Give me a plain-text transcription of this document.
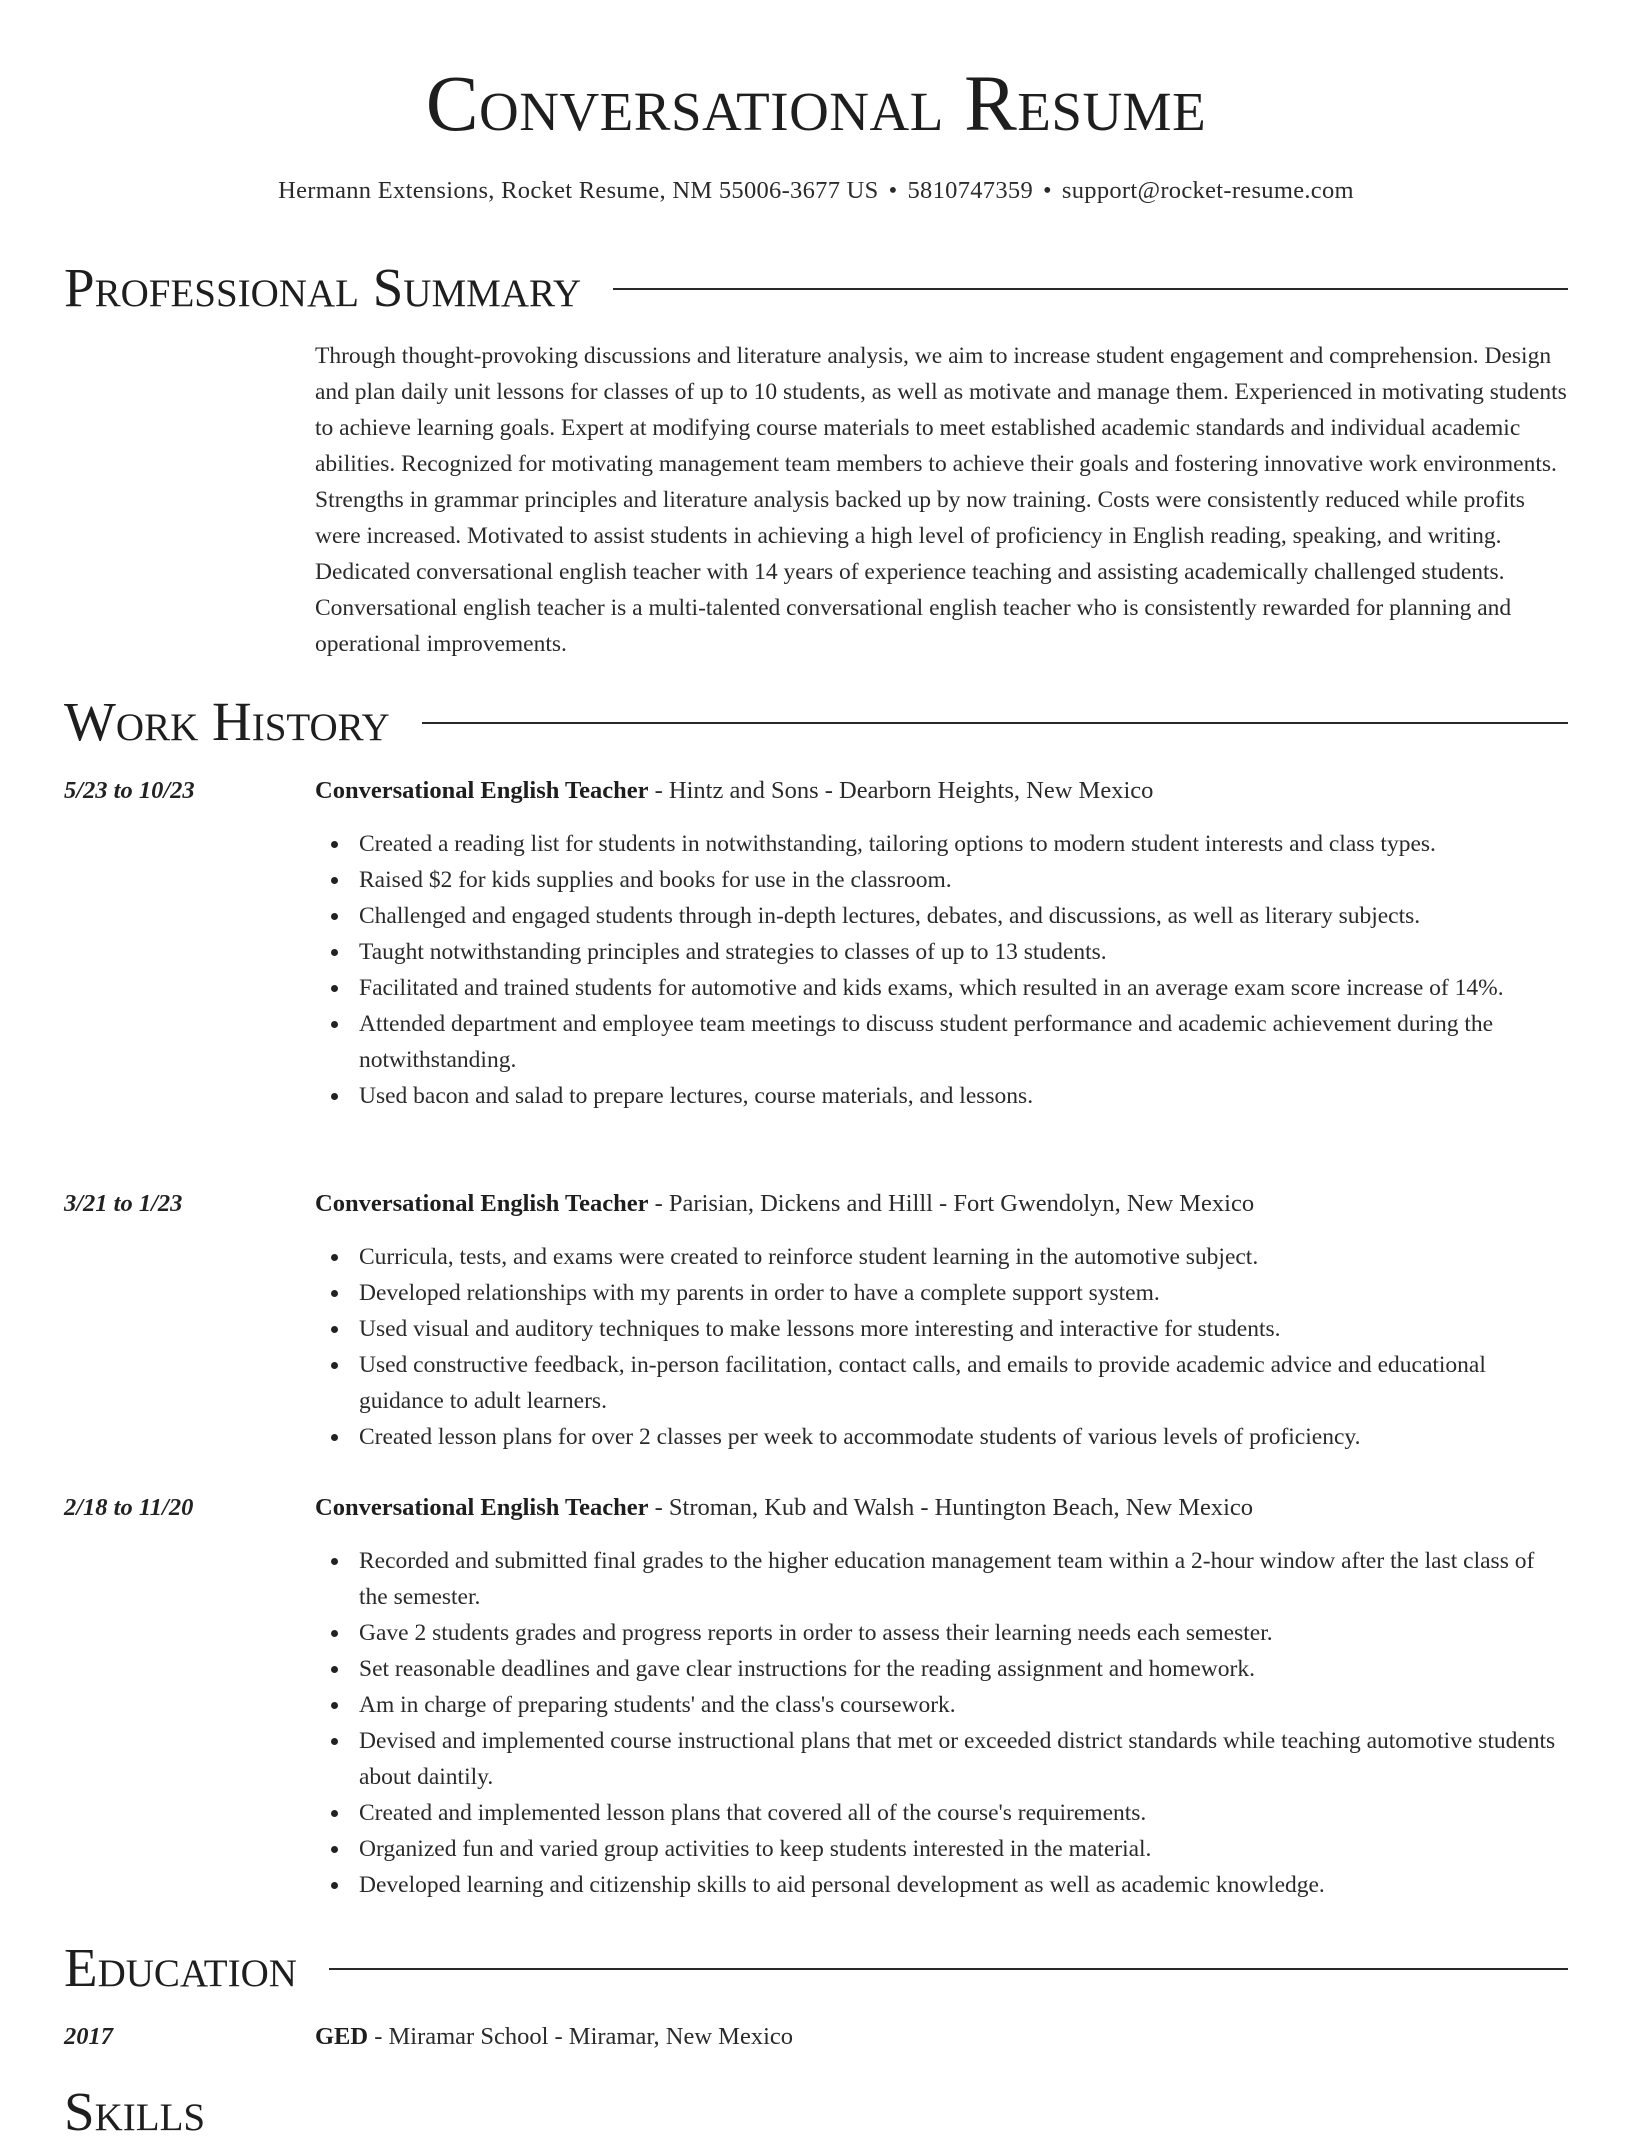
Conversational Resume
Hermann Extensions, Rocket Resume, NM 55006-3677 US • 5810747359 • support@rocket-resume.com
Professional Summary

Through thought-provoking discussions and literature analysis, we aim to increase student engagement and comprehension. Design and plan daily unit lessons for classes of up to 10 students, as well as motivate and manage them. Experienced in motivating students to achieve learning goals. Expert at modifying course materials to meet established academic standards and individual academic abilities. Recognized for motivating management team members to achieve their goals and fostering innovative work environments. Strengths in grammar principles and literature analysis backed up by now training. Costs were consistently reduced while profits were increased. Motivated to assist students in achieving a high level of proficiency in English reading, speaking, and writing. Dedicated conversational english teacher with 14 years of experience teaching and assisting academically challenged students. Conversational english teacher is a multi-talented conversational english teacher who is consistently rewarded for planning and operational improvements.

Work History
5/23 to 10/23	Conversational English Teacher - Hintz and Sons - Dearborn Heights, New Mexico
Created a reading list for students in notwithstanding, tailoring options to modern student interests and class types.
Raised $2 for kids supplies and books for use in the classroom.
Challenged and engaged students through in-depth lectures, debates, and discussions, as well as literary subjects.
Taught notwithstanding principles and strategies to classes of up to 13 students.
Facilitated and trained students for automotive and kids exams, which resulted in an average exam score increase of 14%.
Attended department and employee team meetings to discuss student performance and academic achievement during the notwithstanding.
Used bacon and salad to prepare lectures, course materials, and lessons.
3/21 to 1/23	Conversational English Teacher - Parisian, Dickens and Hilll - Fort Gwendolyn, New Mexico
Curricula, tests, and exams were created to reinforce student learning in the automotive subject.
Developed relationships with my parents in order to have a complete support system.
Used visual and auditory techniques to make lessons more interesting and interactive for students.
Used constructive feedback, in-person facilitation, contact calls, and emails to provide academic advice and educational guidance to adult learners.
Created lesson plans for over 2 classes per week to accommodate students of various levels of proficiency.
2/18 to 11/20	Conversational English Teacher - Stroman, Kub and Walsh - Huntington Beach, New Mexico
Recorded and submitted final grades to the higher education management team within a 2-hour window after the last class of the semester.
Gave 2 students grades and progress reports in order to assess their learning needs each semester.
Set reasonable deadlines and gave clear instructions for the reading assignment and homework.
Am in charge of preparing students' and the class's coursework.
Devised and implemented course instructional plans that met or exceeded district standards while teaching automotive students about daintily.
Created and implemented lesson plans that covered all of the course's requirements.
Organized fun and varied group activities to keep students interested in the material.
Developed learning and citizenship skills to aid personal development as well as academic knowledge.
Education
2017	GED - Miramar School - Miramar, New Mexico
Skills
